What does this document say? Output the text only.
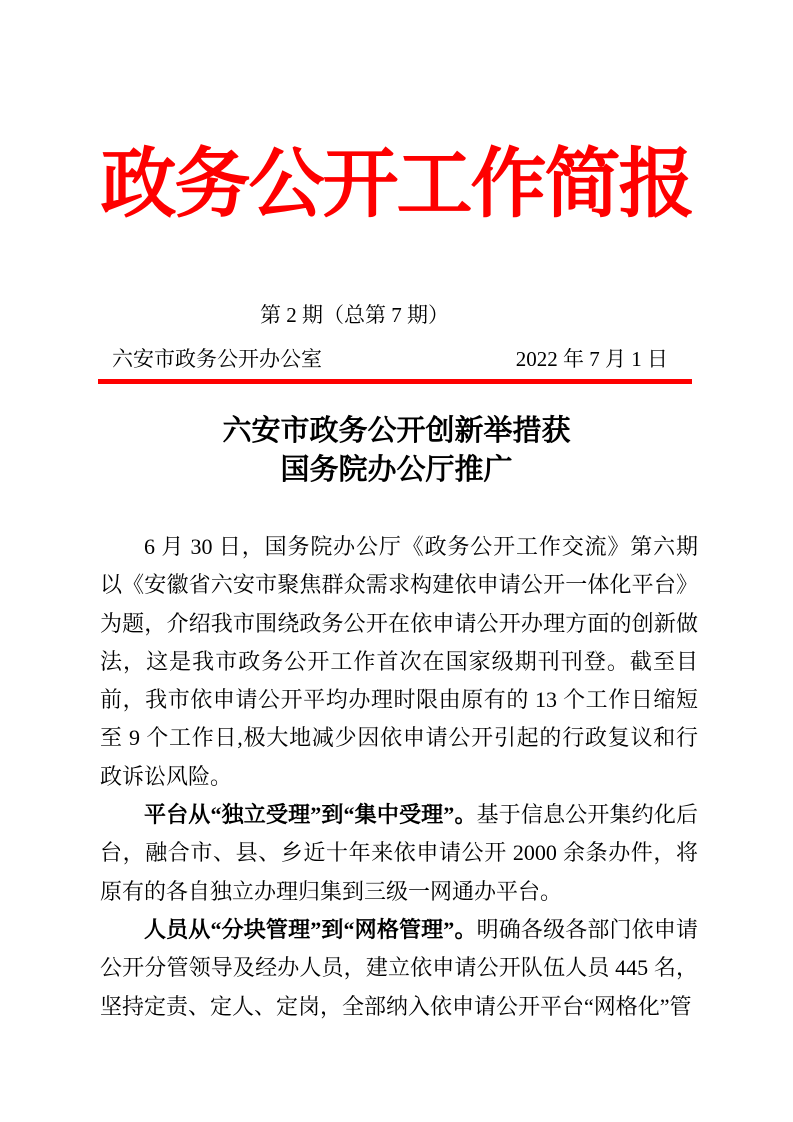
政务公开工作简报
第 2 期（总第 7 期）
六安市政务公开办公室	2022 年 7 月 1 日
六安市政务公开创新举措获
国务院办公厅推广

6 月 30 日，国务院办公厅《政务公开工作交流》第六期以《安徽省六安市聚焦群众需求构建依申请公开一体化平台》为题，介绍我市围绕政务公开在依申请公开办理方面的创新做法，这是我市政务公开工作首次在国家级期刊刊登。截至目前，我市依申请公开平均办理时限由原有的 13 个工作日缩短至 9 个工作日,极大地减少因依申请公开引起的行政复议和行政诉讼风险。

平台从“独立受理”到“集中受理”。基于信息公开集约化后台，融合市、县、乡近十年来依申请公开 2000 余条办件，将原有的各自独立办理归集到三级一网通办平台。

人员从“分块管理”到“网格管理”。明确各级各部门依申请公开分管领导及经办人员，建立依申请公开队伍人员 445 名，坚持定责、定人、定岗，全部纳入依申请公开平台“网格化”管
